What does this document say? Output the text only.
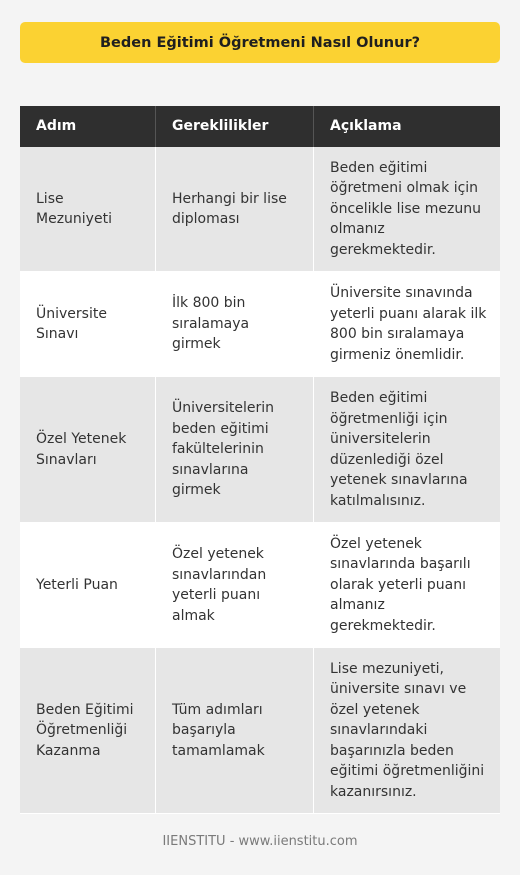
Beden Eğitimi Öğretmeni Nasıl Olunur?
Adım	Gereklilikler	Açıklama
Lise Mezuniyeti
Herhangi bir lise diploması
Beden eğitimi öğretmeni olmak için öncelikle lise mezunu olmanız gerekmektedir.
Üniversite Sınavı
İlk 800 bin sıralamaya girmek
Üniversite sınavında yeterli puanı alarak ilk 800 bin sıralamaya girmeniz önemlidir.
Özel Yetenek Sınavları
Üniversitelerin beden eğitimi fakültelerinin sınavlarına girmek
Beden eğitimi öğretmenliği için üniversitelerin düzenlediği özel yetenek sınavlarına katılmalısınız.
Yeterli Puan
Özel yetenek sınavlarından yeterli puanı almak
Özel yetenek sınavlarında başarılı olarak yeterli puanı almanız gerekmektedir.
Beden Eğitimi Öğretmenliği Kazanma
Tüm adımları başarıyla tamamlamak
Lise mezuniyeti, üniversite sınavı ve özel yetenek sınavlarındaki başarınızla beden eğitimi öğretmenliğini kazanırsınız.
IIENSTITU - www.iienstitu.com
